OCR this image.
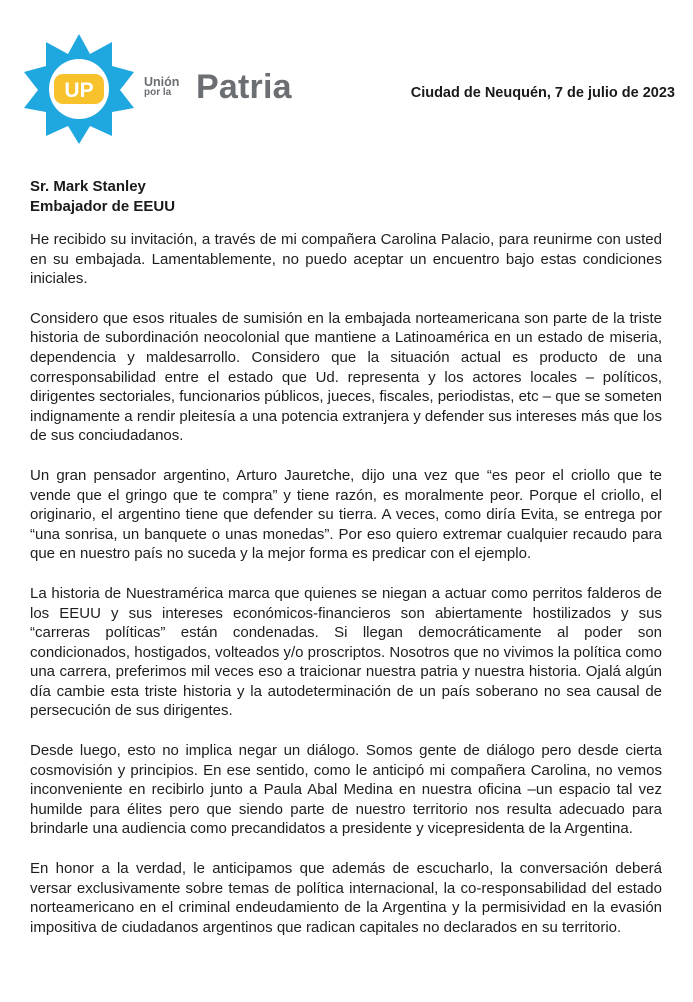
UP	Unión
por la Patria	Ciudad de Neuquén, 7 de julio de 2023
Sr. Mark Stanley
Embajador de EEUU

He recibido su invitación, a través de mi compañera Carolina Palacio, para reunirme con usted en su embajada. Lamentablemente, no puedo aceptar un encuentro bajo estas condiciones iniciales.

Considero que esos rituales de sumisión en la embajada norteamericana son parte de la triste historia de subordinación neocolonial que mantiene a Latinoamérica en un estado de miseria, dependencia y maldesarrollo. Considero que la situación actual es producto de una corresponsabilidad entre el estado que Ud. representa y los actores locales – políticos, dirigentes sectoriales, funcionarios públicos, jueces, fiscales, periodistas, etc – que se someten indignamente a rendir pleitesía a una potencia extranjera y defender sus intereses más que los de sus conciudadanos.

Un gran pensador argentino, Arturo Jauretche, dijo una vez que “es peor el criollo que te vende que el gringo que te compra” y tiene razón, es moralmente peor. Porque el criollo, el originario, el argentino tiene que defender su tierra. A veces, como diría Evita, se entrega por “una sonrisa, un banquete o unas monedas”. Por eso quiero extremar cualquier recaudo para que en nuestro país no suceda y la mejor forma es predicar con el ejemplo.

La historia de Nuestramérica marca que quienes se niegan a actuar como perritos falderos de los EEUU y sus intereses económicos-financieros son abiertamente hostilizados y sus “carreras políticas” están condenadas. Si llegan democráticamente al poder son condicionados, hostigados, volteados y/o proscriptos. Nosotros que no vivimos la política como una carrera, preferimos mil veces eso a traicionar nuestra patria y nuestra historia. Ojalá algún día cambie esta triste historia y la autodeterminación de un país soberano no sea causal de persecución de sus dirigentes.

Desde luego, esto no implica negar un diálogo. Somos gente de diálogo pero desde cierta cosmovisión y principios. En ese sentido, como le anticipó mi compañera Carolina, no vemos inconveniente en recibirlo junto a Paula Abal Medina en nuestra oficina –un espacio tal vez humilde para élites pero que siendo parte de nuestro territorio nos resulta adecuado para brindarle una audiencia como precandidatos a presidente y vicepresidenta de la Argentina.

En honor a la verdad, le anticipamos que además de escucharlo, la conversación deberá versar exclusivamente sobre temas de política internacional, la co-responsabilidad del estado norteamericano en el criminal endeudamiento de la Argentina y la permisividad en la evasión impositiva de ciudadanos argentinos que radican capitales no declarados en su territorio.
